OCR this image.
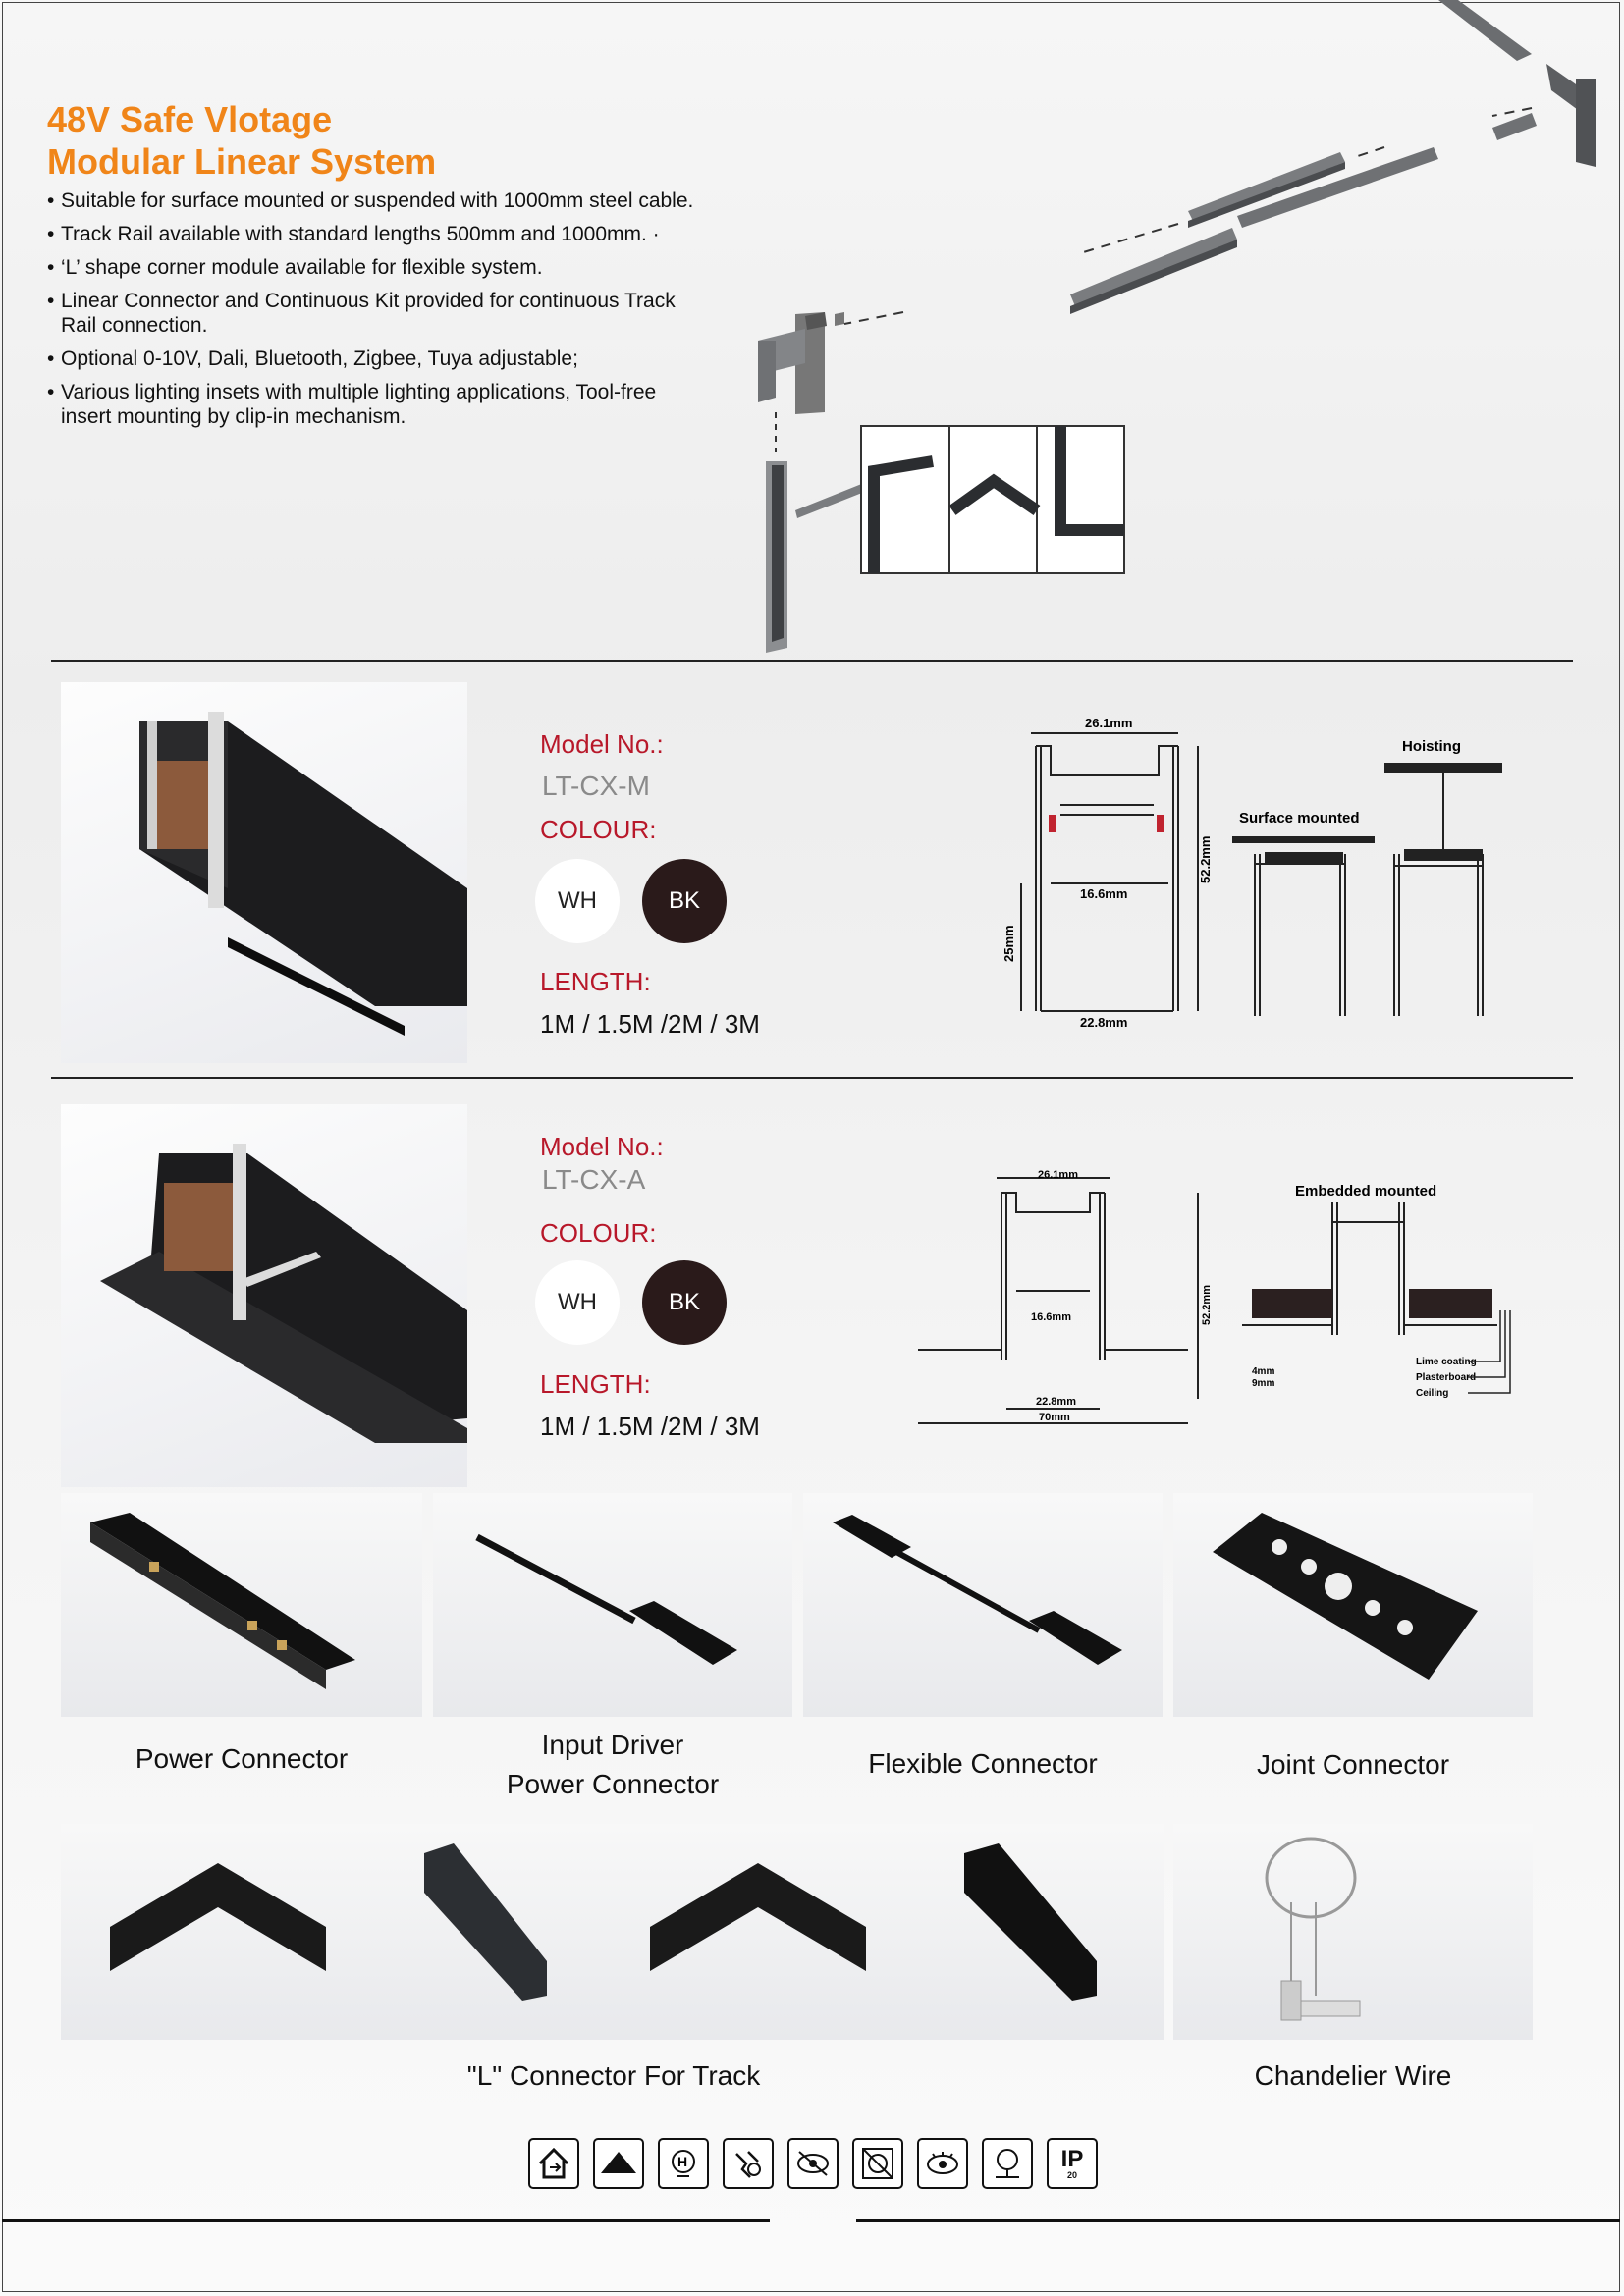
48V Safe Vlotage
Modular Linear System
• Suitable for surface mounted or suspended with 1000mm steel cable.
• Track Rail available with standard lengths 500mm and 1000mm. ·
• ‘L’ shape corner module available for flexible system.
• Linear Connector and Continuous Kit provided for continuous Track Rail connection.
• Optional 0-10V, Dali, Bluetooth, Zigbee, Tuya adjustable;
• Various lighting insets with multiple lighting applications, Tool-free insert mounting by clip-in mechanism.
Model No.:
LT-CX-M
COLOUR:
WH	BK
LENGTH:
1M / 1.5M /2M / 3M
26.1mm
16.6mm
22.8mm
52.2mm
25mm
Surface mounted
Hoisting
Model No.:
LT-CX-A
COLOUR:
WH	BK
LENGTH:
1M / 1.5M /2M / 3M
26.1mm
16.6mm
22.8mm
70mm
52.2mm
Embedded mounted
4mm
9mm
Lime coating
Plasterboard
Ceiling
Power Connector	Input Driver
Power Connector
Flexible Connector	Joint Connector
"L" Connector For Track	Chandelier Wire
H	IP
20
